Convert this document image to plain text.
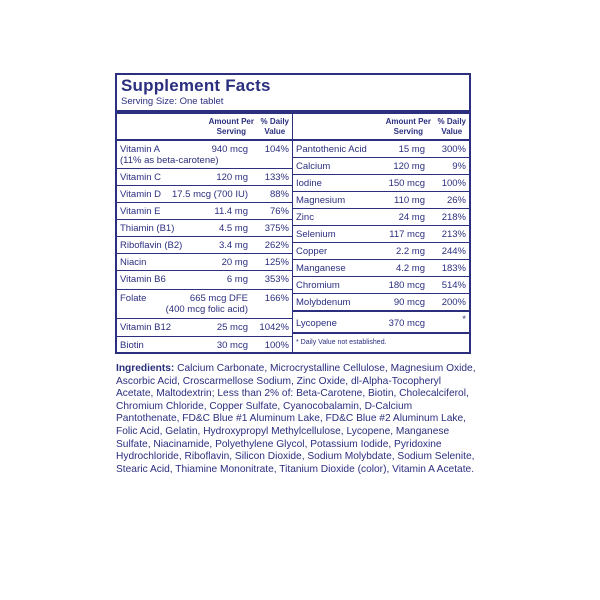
Supplement Facts
Serving Size: One tablet
Amount Per
Serving
% Daily
Value
Vitamin A	940 mcg 104%
(11% as beta-carotene)
Vitamin C	120 mg 133%
Vitamin D 17.5 mcg (700 IU) 88%
Vitamin E	11.4 mg 76%
Thiamin (B1)	4.5 mg 375%
Riboflavin (B2)	3.4 mg 262%
Niacin	20 mg 125%
Vitamin B6	6 mg 353%
Folate	665 mcg DFE 166%
(400 mcg folic acid)
Vitamin B12	25 mcg 1042%
Biotin	30 mcg 100%
Amount Per
Serving
% Daily
Value
Pantothenic Acid	15 mg 300%
Calcium	120 mg	9%
Iodine	150 mcg 100%
Magnesium	110 mg 26%
Zinc	24 mg 218%
Selenium	117 mcg 213%
Copper	2.2 mg 244%
Manganese	4.2 mg 183%
Chromium	180 mcg 514%
Molybdenum	90 mcg 200%
Lycopene	370 mcg	*
* Daily Value not established.
Ingredients: Calcium Carbonate, Microcrystalline Cellulose, Magnesium Oxide, Ascorbic Acid, Croscarmellose Sodium, Zinc Oxide, dl-Alpha-Tocopheryl Acetate, Maltodextrin; Less than 2% of: Beta-Carotene, Biotin, Cholecalciferol, Chromium Chloride, Copper Sulfate, Cyanocobalamin, D-Calcium Pantothenate, FD&C Blue #1 Aluminum Lake, FD&C Blue #2 Aluminum Lake, Folic Acid, Gelatin, Hydroxypropyl Methylcellulose, Lycopene, Manganese Sulfate, Niacinamide, Polyethylene Glycol, Potassium Iodide, Pyridoxine Hydrochloride, Riboflavin, Silicon Dioxide, Sodium Molybdate, Sodium Selenite, Stearic Acid, Thiamine Mononitrate, Titanium Dioxide (color), Vitamin A Acetate.
